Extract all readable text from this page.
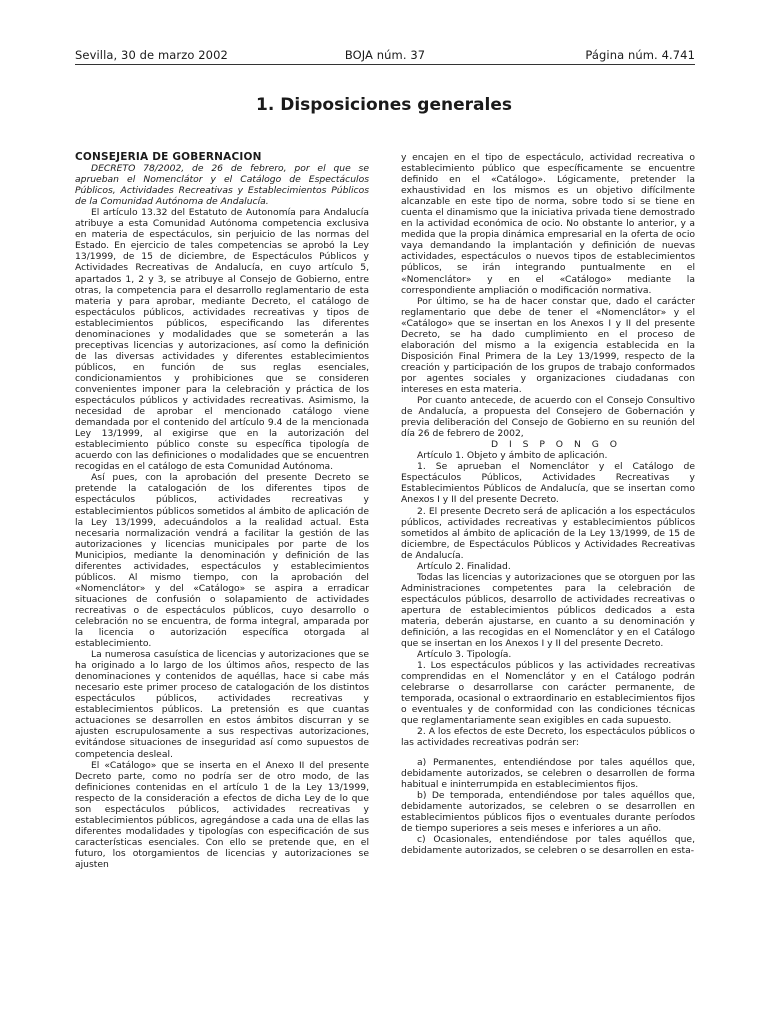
BOJA núm. 37
Sevilla, 30 de marzo 2002	Página núm. 4.741
1. Disposiciones generales

CONSEJERIA DE GOBERNACION

DECRETO 78/2002, de 26 de febrero, por el que se aprueban el Nomenclátor y el Catálogo de Espectáculos Públicos, Actividades Recreativas y Establecimientos Públicos de la Comunidad Autónoma de Andalucía.

El artículo 13.32 del Estatuto de Autonomía para Andalucía atribuye a esta Comunidad Autónoma competencia exclusiva en materia de espectáculos, sin perjuicio de las normas del Estado. En ejercicio de tales competencias se aprobó la Ley 13/1999, de 15 de diciembre, de Espectáculos Públicos y Actividades Recreativas de Andalucía, en cuyo artículo 5, apartados 1, 2 y 3, se atribuye al Consejo de Gobierno, entre otras, la competencia para el desarrollo reglamentario de esta materia y para aprobar, mediante Decreto, el catálogo de espectáculos públicos, actividades recreativas y tipos de establecimientos públicos, especificando las diferentes denominaciones y modalidades que se someterán a las preceptivas licencias y autorizaciones, así como la definición de las diversas actividades y diferentes establecimientos públicos, en función de sus reglas esenciales, condicionamientos y prohibiciones que se consideren convenientes imponer para la celebración y práctica de los espectáculos públicos y actividades recreativas. Asimismo, la necesidad de aprobar el mencionado catálogo viene demandada por el contenido del artículo 9.4 de la mencionada Ley 13/1999, al exigirse que en la autorización del establecimiento público conste su específica tipología de acuerdo con las definiciones o modalidades que se encuentren recogidas en el catálogo de esta Comunidad Autónoma.

Así pues, con la aprobación del presente Decreto se pretende la catalogación de los diferentes tipos de espectáculos públicos, actividades recreativas y establecimientos públicos sometidos al ámbito de aplicación de la Ley 13/1999, adecuándolos a la realidad actual. Esta necesaria normalización vendrá a facilitar la gestión de las autorizaciones y licencias municipales por parte de los Municipios, mediante la denominación y definición de las diferentes actividades, espectáculos y establecimientos públicos. Al mismo tiempo, con la aprobación del «Nomenclátor» y del «Catálogo» se aspira a erradicar situaciones de confusión o solapamiento de actividades recreativas o de espectáculos públicos, cuyo desarrollo o celebración no se encuentra, de forma integral, amparada por la licencia o autorización específica otorgada al establecimiento.

La numerosa casuística de licencias y autorizaciones que se ha originado a lo largo de los últimos años, respecto de las denominaciones y contenidos de aquéllas, hace si cabe más necesario este primer proceso de catalogación de los distintos espectáculos públicos, actividades recreativas y establecimientos públicos. La pretensión es que cuantas actuaciones se desarrollen en estos ámbitos discurran y se ajusten escrupulosamente a sus respectivas autorizaciones, evitándose situaciones de inseguridad así como supuestos de competencia desleal.

El «Catálogo» que se inserta en el Anexo II del presente Decreto parte, como no podría ser de otro modo, de las definiciones contenidas en el artículo 1 de la Ley 13/1999, respecto de la consideración a efectos de dicha Ley de lo que son espectáculos públicos, actividades recreativas y establecimientos públicos, agregándose a cada una de ellas las diferentes modalidades y tipologías con especificación de sus características esenciales. Con ello se pretende que, en el futuro, los otorgamientos de licencias y autorizaciones se ajusten

y encajen en el tipo de espectáculo, actividad recreativa o establecimiento público que específicamente se encuentre definido en el «Catálogo». Lógicamente, pretender la exhaustividad en los mismos es un objetivo difícilmente alcanzable en este tipo de norma, sobre todo si se tiene en cuenta el dinamismo que la iniciativa privada tiene demostrado en la actividad económica de ocio. No obstante lo anterior, y a medida que la propia dinámica empresarial en la oferta de ocio vaya demandando la implantación y definición de nuevas actividades, espectáculos o nuevos tipos de establecimientos públicos, se irán integrando puntualmente en el «Nomenclátor» y en el «Catálogo» mediante la correspondiente ampliación o modificación normativa.

Por último, se ha de hacer constar que, dado el carácter reglamentario que debe de tener el «Nomenclátor» y el «Catálogo» que se insertan en los Anexos I y II del presente Decreto, se ha dado cumplimiento en el proceso de elaboración del mismo a la exigencia establecida en la Disposición Final Primera de la Ley 13/1999, respecto de la creación y participación de los grupos de trabajo conformados por agentes sociales y organizaciones ciudadanas con intereses en esta materia.

Por cuanto antecede, de acuerdo con el Consejo Consultivo de Andalucía, a propuesta del Consejero de Gobernación y previa deliberación del Consejo de Gobierno en su reunión del día 26 de febrero de 2002,

D I S P O N G O

Artículo 1. Objeto y ámbito de aplicación.

1. Se aprueban el Nomenclátor y el Catálogo de Espectáculos Públicos, Actividades Recreativas y Establecimientos Públicos de Andalucía, que se insertan como Anexos I y II del presente Decreto.

2. El presente Decreto será de aplicación a los espectáculos públicos, actividades recreativas y establecimientos públicos sometidos al ámbito de aplicación de la Ley 13/1999, de 15 de diciembre, de Espectáculos Públicos y Actividades Recreativas de Andalucía.

Artículo 2. Finalidad.

Todas las licencias y autorizaciones que se otorguen por las Administraciones competentes para la celebración de espectáculos públicos, desarrollo de actividades recreativas o apertura de establecimientos públicos dedicados a esta materia, deberán ajustarse, en cuanto a su denominación y definición, a las recogidas en el Nomenclátor y en el Catálogo que se insertan en los Anexos I y II del presente Decreto.

Artículo 3. Tipología.

1. Los espectáculos públicos y las actividades recreativas comprendidas en el Nomenclátor y en el Catálogo podrán celebrarse o desarrollarse con carácter permanente, de temporada, ocasional o extraordinario en establecimientos fijos o eventuales y de conformidad con las condiciones técnicas que reglamentariamente sean exigibles en cada supuesto.

2. A los efectos de este Decreto, los espectáculos públicos o las actividades recreativas podrán ser:

a) Permanentes, entendiéndose por tales aquéllos que, debidamente autorizados, se celebren o desarrollen de forma habitual e ininterrumpida en establecimientos fijos.

b) De temporada, entendiéndose por tales aquéllos que, debidamente autorizados, se celebren o se desarrollen en establecimientos públicos fijos o eventuales durante períodos de tiempo superiores a seis meses e inferiores a un año.

c) Ocasionales, entendiéndose por tales aquéllos que, debidamente autorizados, se celebren o se desarrollen en esta-
